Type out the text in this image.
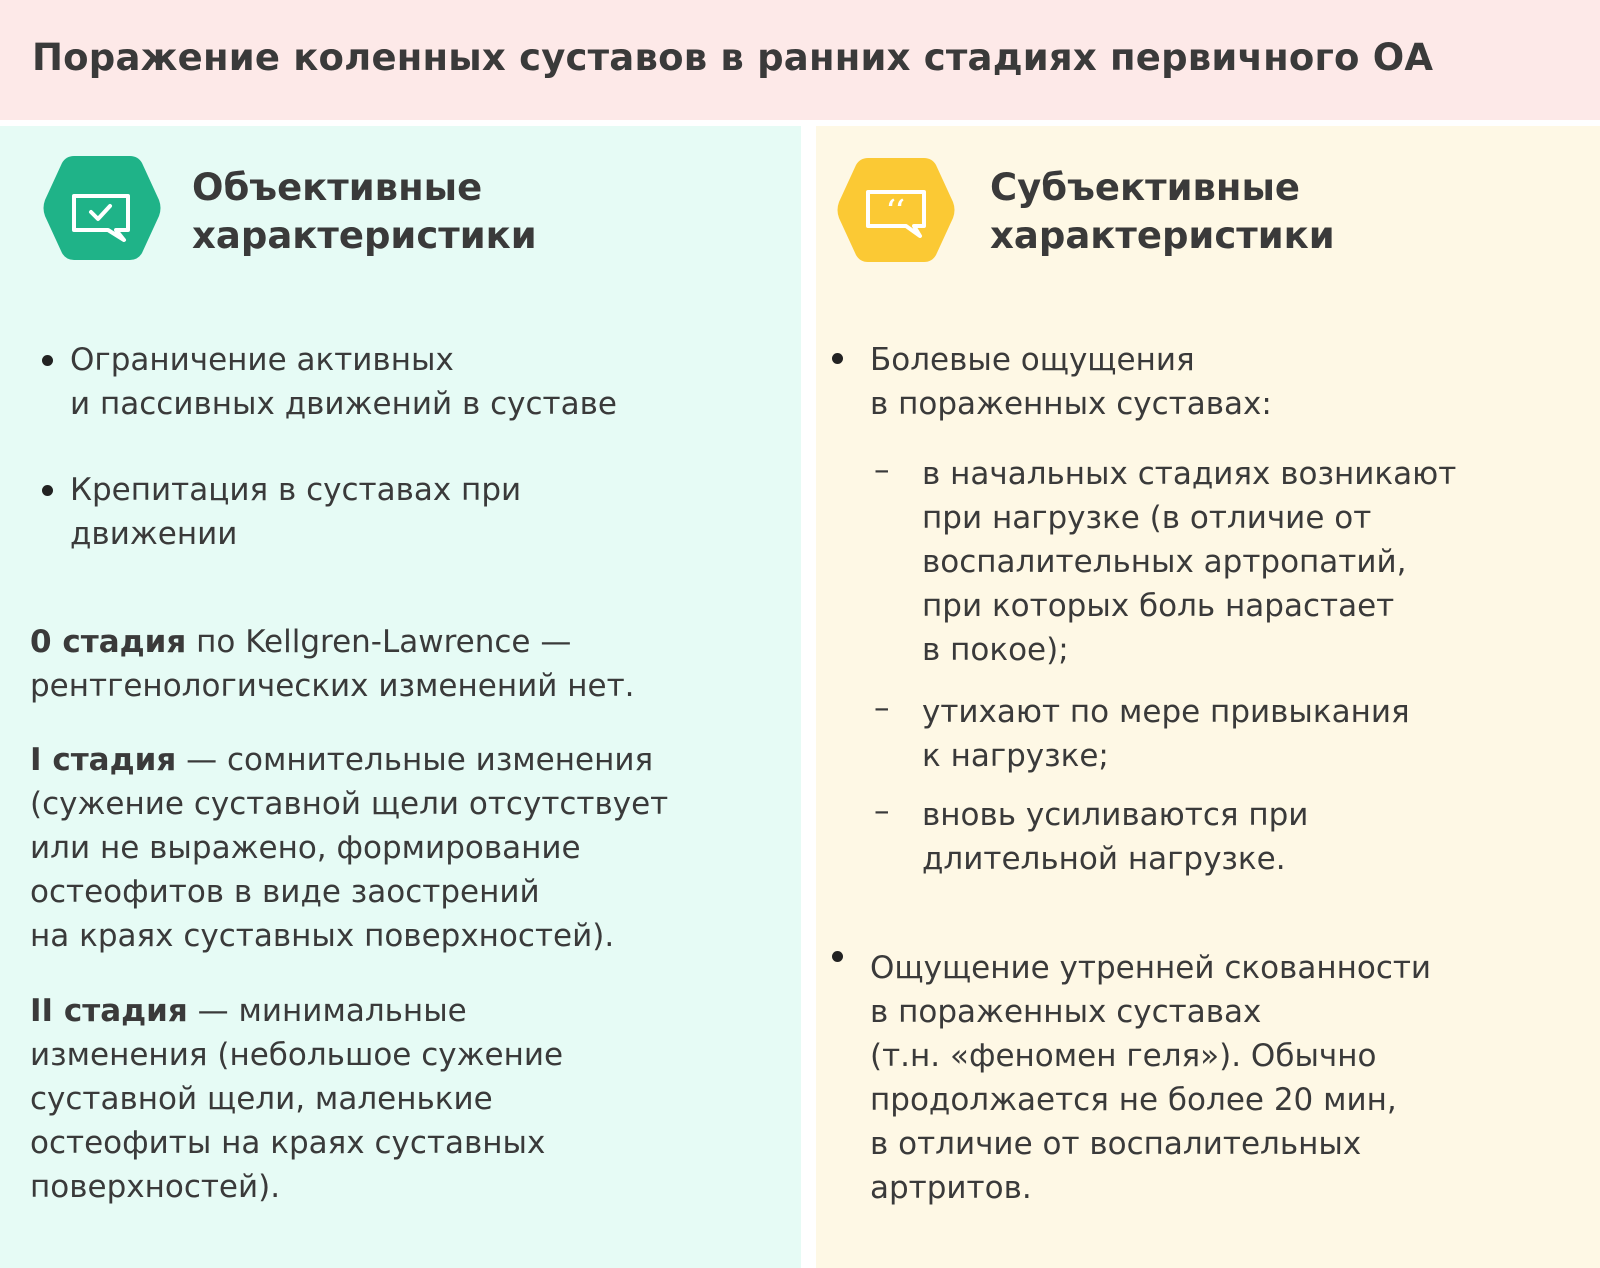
Поражение коленных суставов в ранних стадиях первичного ОА
Объективные
характеристики
Ограничение активных
и пассивных движений в суставе
Крепитация в суставах при
движении
0 стадия по Kellgren-Lawrence —
рентгенологических изменений нет.
I стадия — сомнительные изменения
(сужение суставной щели отсутствует
или не выражено, формирование
остеофитов в виде заострений
на краях суставных поверхностей).
II стадия — минимальные
изменения (небольшое сужение
суставной щели, маленькие
остеофиты на краях суставных
поверхностей).
‘‘
Субъективные
характеристики
Болевые ощущения
в пораженных суставах:
– в начальных стадиях возникают
при нагрузке (в отличие от
воспалительных артропатий,
при которых боль нарастает
в покое);
– утихают по мере привыкания
к нагрузке;
– вновь усиливаются при
длительной нагрузке.
Ощущение утренней скованности
в пораженных суставах
(т.н. «феномен геля»). Обычно
продолжается не более 20 мин,
в отличие от воспалительных
артритов.
